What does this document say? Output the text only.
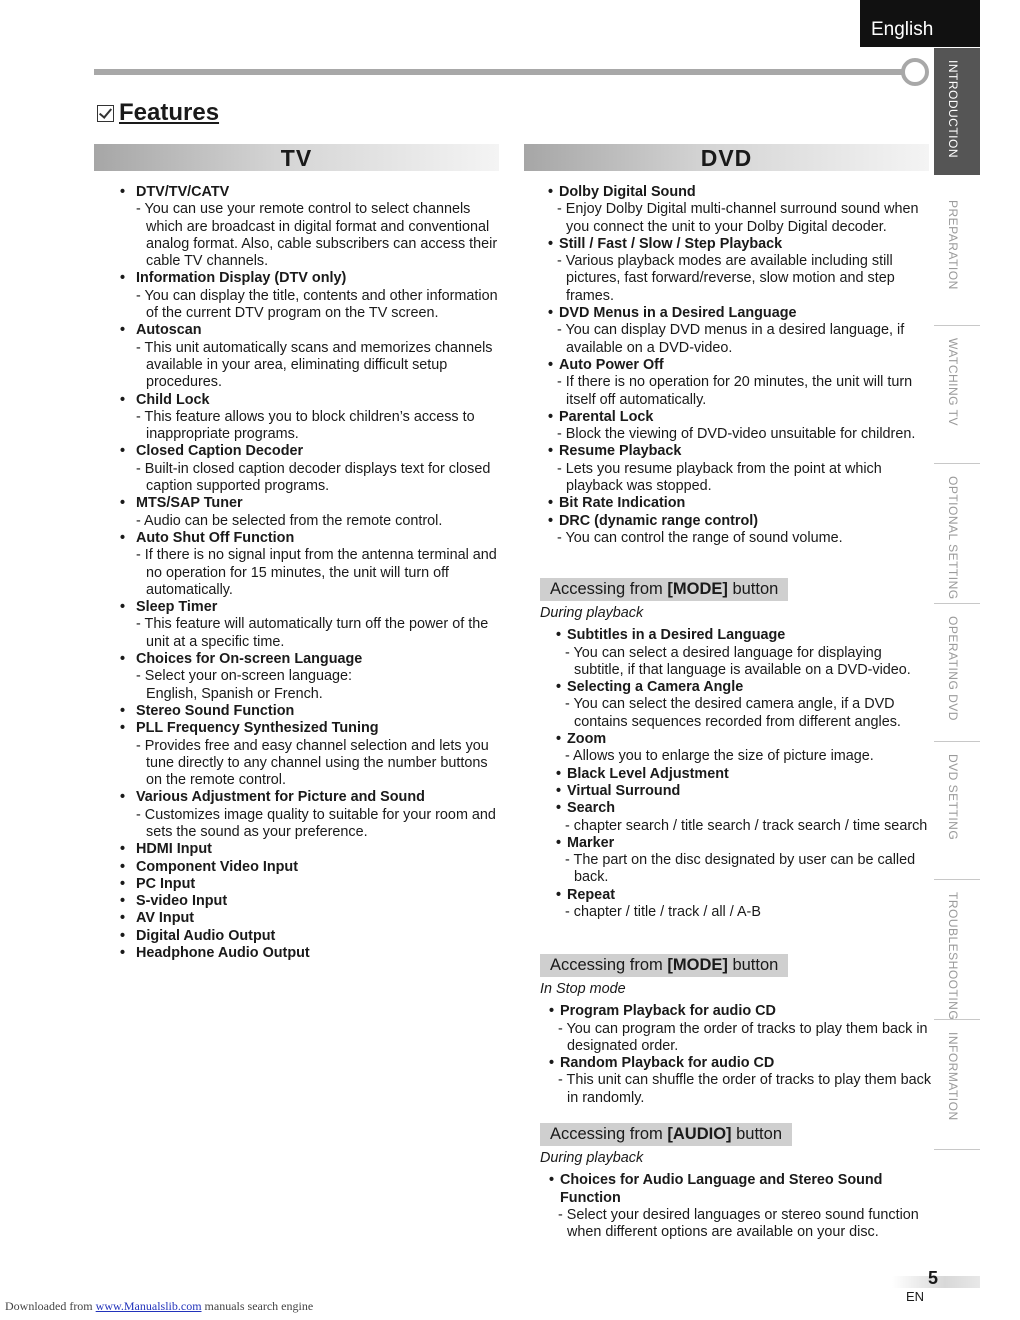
English
INTRODUCTION
PREPARATION
WATCHING TV
OPTIONAL SETTING
OPERATING DVD
DVD SETTING
TROUBLESHOOTING
INFORMATION
Features
TV	DVD
• DTV/TV/CATV
- You can use your remote control to select channels which are broadcast in digital format and conventional analog format. Also, cable subscribers can access their cable TV channels.
• Information Display (DTV only)
- You can display the title, contents and other information of the current DTV program on the TV screen.
• Autoscan
- This unit automatically scans and memorizes channels available in your area, eliminating difficult setup procedures.
• Child Lock
- This feature allows you to block children’s access to inappropriate programs.
• Closed Caption Decoder
- Built-in closed caption decoder displays text for closed caption supported programs.
• MTS/SAP Tuner
- Audio can be selected from the remote control.
• Auto Shut Off Function
- If there is no signal input from the antenna terminal and no operation for 15 minutes, the unit will turn off automatically.
• Sleep Timer
- This feature will automatically turn off the power of the unit at a specific time.
• Choices for On-screen Language
- Select your on-screen language:
English, Spanish or French.
• Stereo Sound Function
• PLL Frequency Synthesized Tuning
- Provides free and easy channel selection and lets you tune directly to any channel using the number buttons on the remote control.
• Various Adjustment for Picture and Sound
- Customizes image quality to suitable for your room and sets the sound as your preference.
• HDMI Input
• Component Video Input
• PC Input
• S-video Input
• AV Input
• Digital Audio Output
• Headphone Audio Output
• Dolby Digital Sound
- Enjoy Dolby Digital multi-channel surround sound when you connect the unit to your Dolby Digital decoder.
• Still / Fast / Slow / Step Playback
- Various playback modes are available including still pictures, fast forward/reverse, slow motion and step frames.
• DVD Menus in a Desired Language
- You can display DVD menus in a desired language, if available on a DVD-video.
• Auto Power Off
- If there is no operation for 20 minutes, the unit will turn itself off automatically.
• Parental Lock
- Block the viewing of DVD-video unsuitable for children.
• Resume Playback
- Lets you resume playback from the point at which playback was stopped.
• Bit Rate Indication
• DRC (dynamic range control)
- You can control the range of sound volume.
Accessing from [MODE] button
During playback
• Subtitles in a Desired Language
- You can select a desired language for displaying subtitle, if that language is available on a DVD-video.
• Selecting a Camera Angle
- You can select the desired camera angle, if a DVD contains sequences recorded from different angles.
• Zoom
- Allows you to enlarge the size of picture image.
• Black Level Adjustment
• Virtual Surround
• Search
- chapter search / title search / track search / time search
• Marker
- The part on the disc designated by user can be called back.
• Repeat
- chapter / title / track / all / A-B
Accessing from [MODE] button
In Stop mode
• Program Playback for audio CD
- You can program the order of tracks to play them back in designated order.
• Random Playback for audio CD
- This unit can shuffle the order of tracks to play them back in randomly.
Accessing from [AUDIO] button
During playback
• Choices for Audio Language and Stereo Sound Function
- Select your desired languages or stereo sound function when different options are available on your disc.
5
EN
Downloaded from www.Manualslib.com manuals search engine
